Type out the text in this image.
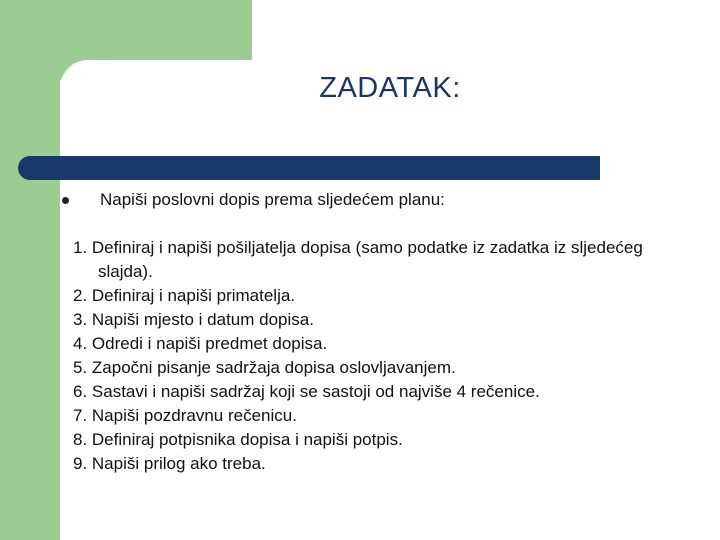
ZADATAK:
Napiši poslovni dopis prema sljedećem planu:
1. Definiraj i napiši pošiljatelja dopisa (samo podatke iz zadatka iz sljedećeg slajda).
2. Definiraj i napiši primatelja.
3. Napiši mjesto i datum dopisa.
4. Odredi i napiši predmet dopisa.
5. Započni pisanje sadržaja dopisa oslovljavanjem.
6. Sastavi i napiši sadržaj koji se sastoji od najviše 4 rečenice.
7. Napiši pozdravnu rečenicu.
8. Definiraj potpisnika dopisa i napiši potpis.
9. Napiši prilog ako treba.
